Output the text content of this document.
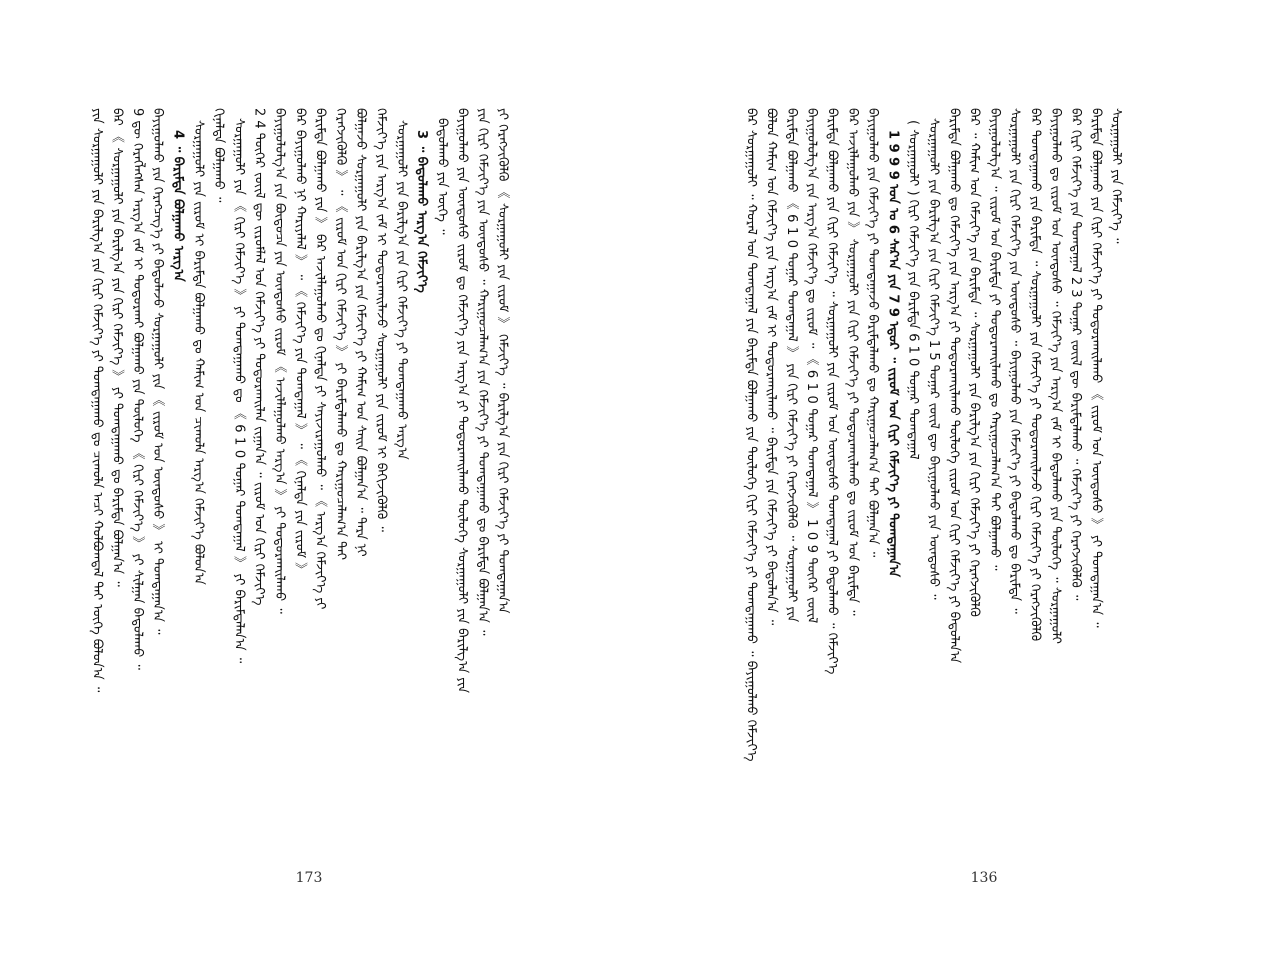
ᠶᠢᠨ ᠰᠤᠷᠭᠠᠭᠤᠯᠢ ᠶᠢᠨ ᠪᠠᠷᠢᠯᠭ᠎ᠠ ᠶᠢᠨ ᠬᠢᠷᠢ ᠬᠡᠮᠵᠢᠶ᠎ᠡ ᠶᠢ ᠲᠣᠭᠲᠠᠭᠠᠬᠤ ᠳᠤ ᠴᠢᠬᠤᠯᠠ ᠠᠴᠢ ᠬᠣᠯᠪᠣᠭᠳᠠᠯ ᠲᠠᠢ ᠦᠭᠡ ᠪᠣᠯᠤᠨ᠎ᠠ ᠃ ᠪᠠᠷ 《 ᠰᠤᠷᠭᠠᠭᠤᠯᠢ ᠶᠢᠨ ᠪᠠᠷᠢᠯᠭ᠎ᠠ ᠶᠢᠨ ᠬᠢᠷᠢ ᠬᠡᠮᠵᠢᠶ᠎ᠡ 》 ᠶᠢ ᠲᠣᠭᠲᠠᠭᠠᠬᠤ ᠳᠤ ᠪᠠᠷᠢᠮᠲᠠ ᠪᠣᠯᠭᠠᠨ᠎ᠠ ᠃ 9 ᠳᠦ ᠬᠡᠷᠡᠭᠯᠡᠭᠰᠡᠨ ᠠᠷᠭ᠎ᠠ ᠵᠠᠮ ᠢ ᠲᠣᠳᠣᠷᠬᠠᠢ ᠪᠣᠯᠭᠠᠬᠤ ᠶᠢᠨ ᠲᠥᠯᠦᠭᠡ 《 ᠬᠢᠷᠢ ᠬᠡᠮᠵᠢᠶ᠎ᠡ 》 ᠶᠢ ᠰᠢᠯᠭᠠᠨ ᠪᠠᠲᠤᠯᠠᠬᠤ ᠃ ᠪᠠᠶᠢᠭᠤᠯᠬᠤ ᠶᠢᠨ ᠬᠡᠷᠡᠭᠴᠡᠭ᠎ᠡ ᠶᠢ ᠪᠠᠲᠤᠯᠠᠵᠤ ᠰᠤᠷᠭᠠᠭᠤᠯᠢ ᠶᠢᠨ 《 ᠵᠢᠷᠤᠮ ᠤᠨ ᠦᠨᠳᠦᠰᠦ 》 ᠢ ᠲᠣᠭᠲᠠᠭᠠᠨ᠎ᠠ ᠃ 4 ᠃ ᠪᠠᠷᠢᠮᠲᠠ ᠪᠣᠯᠭᠠᠬᠤ ᠠᠷᠭ᠎ᠠ ᠰᠤᠷᠭᠠᠭᠤᠯᠢ ᠶᠢᠨ ᠵᠢᠷᠤᠮ ᠢ ᠪᠠᠷᠢᠮᠲᠠ ᠪᠣᠯᠭᠠᠬᠤ ᠳᠤ ᠬᠠᠮᠢᠭ ᠤᠨ ᠴᠢᠬᠤᠯᠠ ᠠᠷᠭ᠎ᠠ ᠬᠡᠮᠵᠢᠶ᠎ᠡ ᠪᠣᠯᠤᠨ᠎ᠠ ᠬᠢᠨᠠᠯᠲᠠ ᠪᠣᠯᠭᠠᠬᠤ ᠃ ᠰᠤᠷᠭᠠᠭᠤᠯᠢ ᠶᠢᠨ 《 ᠬᠢᠷᠢ ᠬᠡᠮᠵᠢᠶ᠎ᠡ 》 ᠶᠢ ᠲᠣᠭᠲᠠᠭᠠᠬᠤ ᠳᠤ 《 6 1 0 ᠳᠤᠭᠠᠷ ᠲᠣᠭᠲᠠᠭᠠᠯ 》 ᠶᠢ ᠪᠠᠷᠢᠮᠲᠠᠯᠠᠨ᠎ᠠ ᠃ 2 4 ᠳᠦᠭᠡᠷ ᠵᠦᠢᠯ ᠳᠦ ᠵᠢᠷᠤᠮᠯᠠᠯ ᠤᠨ ᠬᠡᠮᠵᠢᠶ᠎ᠡ ᠶᠢ ᠲᠣᠳᠣᠷᠬᠠᠢᠯᠠᠨ ᠵᠢᠭᠠᠨ᠎ᠠ ᠃ ᠵᠢᠷᠤᠮ ᠤᠨ ᠬᠢᠷᠢ ᠬᠡᠮᠵᠢᠶ᠎ᠡ ᠪᠠᠶᠢᠭᠤᠯᠤᠯᠭ᠎ᠠ ᠶᠢᠨ ᠪᠦᠲᠦᠴᠡ ᠶᠢᠨ ᠦᠨᠳᠦᠰᠦ ᠵᠢᠷᠤᠮ 《 ᠠᠵᠢᠯᠯᠠᠭᠤᠯᠬᠤ ᠠᠷᠭ᠎ᠠ 》 ᠶᠢ ᠲᠣᠳᠣᠷᠬᠠᠢᠯᠠᠬᠤ ᠃ ᠪᠠᠷ ᠪᠠᠶᠢᠭᠤᠯᠬᠤ ᠨᠢ ᠬᠠᠷᠢᠶᠠᠯᠠᠯ 》 ᠃ 《 ᠬᠡᠮᠵᠢᠶ᠎ᠡ ᠶᠢᠨ ᠲᠣᠭᠲᠠᠭᠠᠯ 》 ᠃ 《 ᠬᠢᠨᠠᠯᠲᠠ ᠶᠢᠨ ᠵᠢᠷᠤᠮ 》 ᠪᠠᠷᠢᠮᠲᠠ ᠪᠣᠯᠭᠠᠬᠤ ᠶᠢᠨ 》 ᠪᠠᠷ ᠠᠵᠢᠯᠯᠠᠭᠤᠯᠬᠤ ᠳᠤ ᠬᠢᠨᠠᠯᠲᠠ ᠶᠢ ᠰᠠᠶᠢᠵᠢᠷᠠᠭᠤᠯᠬᠤ ᠃ 《 ᠠᠷᠭ᠎ᠠ ᠬᠡᠮᠵᠢᠶ᠎ᠡ ᠶᠢ ᠬᠡᠷᠡᠭᠵᠢᠭᠦᠯᠬᠦ 》 ᠃ 《 ᠵᠢᠷᠤᠮ ᠤᠨ ᠬᠢᠷᠢ ᠬᠡᠮᠵᠢᠶ᠎ᠡ 》 ᠶᠢ ᠪᠠᠷᠢᠮᠲᠠᠯᠠᠬᠤ ᠳᠤ ᠬᠠᠷᠢᠭᠤᠴᠠᠯᠠᠭ᠎ᠠ ᠲᠠᠢ ᠪᠣᠯᠭᠠᠵᠤ ᠰᠤᠷᠭᠠᠭᠤᠯᠢ ᠶᠢᠨ ᠪᠠᠷᠢᠯᠭ᠎ᠠ ᠶᠢᠨ ᠬᠡᠮᠵᠢᠶ᠎ᠡ ᠶᠢ ᠬᠠᠮᠢᠭ ᠤᠨ ᠰᠠᠢᠨ ᠪᠣᠯᠭᠠᠨ᠎ᠠ ᠃ ᠲᠡᠷᠡ ᠨᠢ ᠬᠡᠮᠵᠢᠶ᠎ᠡ ᠶᠢᠨ ᠠᠷᠭ᠎ᠠ ᠵᠠᠮ ᠢ ᠲᠣᠳᠣᠷᠬᠠᠢᠯᠠᠵᠤ ᠰᠤᠷᠭᠠᠭᠤᠯᠢ ᠶᠢᠨ ᠵᠢᠷᠤᠮ ᠢ ᠪᠡᠬᠢᠵᠢᠭᠦᠯᠬᠦ ᠃ ᠰᠤᠷᠭᠠᠭᠤᠯᠢ ᠶᠢᠨ ᠪᠠᠷᠢᠯᠭ᠎ᠠ ᠶᠢᠨ ᠬᠢᠷᠢ ᠬᠡᠮᠵᠢᠶ᠎ᠡ ᠶᠢ ᠲᠣᠭᠲᠠᠭᠠᠬᠤ ᠠᠷᠭ᠎ᠠ 3 ᠃ ᠪᠠᠲᠤᠯᠠᠬᠤ ᠠᠷᠭ᠎ᠠ ᠬᠡᠮᠵᠢᠶ᠎ᠡ ᠪᠠᠲᠤᠯᠠᠬᠤ ᠶᠢᠨ ᠦᠭᠡ ᠃ ᠪᠠᠶᠢᠭᠤᠯᠬᠤ ᠶᠢᠨ ᠦᠨᠳᠦᠰᠦ ᠵᠢᠷᠤᠮ ᠳᠤ ᠬᠡᠮᠵᠢᠶ᠎ᠡ ᠶᠢᠨ ᠠᠷᠭ᠎ᠠ ᠶᠢ ᠲᠣᠳᠣᠷᠬᠠᠢᠯᠠᠬᠤ ᠲᠥᠯᠦᠭᠡ ᠰᠤᠷᠭᠠᠭᠤᠯᠢ ᠶᠢᠨ ᠪᠠᠷᠢᠯᠭ᠎ᠠ ᠶᠢᠨ ᠶᠢᠨ ᠬᠢᠷᠢ ᠬᠡᠮᠵᠢᠶ᠎ᠡ ᠶᠢᠨ ᠦᠨᠳᠦᠰᠦ ᠃ ᠬᠠᠷᠢᠭᠤᠴᠠᠯᠠᠭ᠎ᠠ ᠶᠢᠨ ᠬᠡᠮᠵᠢᠶ᠎ᠡ ᠶᠢ ᠲᠣᠭᠲᠠᠭᠠᠬᠤ ᠳᠤ ᠪᠠᠷᠢᠮᠲᠠ ᠪᠣᠯᠭᠠᠨ᠎ᠠ ᠃ ᠶᠢ ᠬᠡᠷᠡᠭᠵᠢᠭᠦᠯᠬᠦ 《 ᠰᠤᠷᠭᠠᠭᠤᠯᠢ ᠶᠢᠨ ᠵᠢᠷᠤᠮ 》 ᠬᠡᠮᠵᠢᠶ᠎ᠡ ᠃ ᠪᠠᠷᠢᠯᠭ᠎ᠠ ᠶᠢᠨ ᠬᠢᠷᠢ ᠬᠡᠮᠵᠢᠶ᠎ᠡ ᠶᠢ ᠲᠣᠭᠲᠠᠭᠠᠨ᠎ᠠ
173
ᠪᠠᠷ ᠰᠤᠷᠭᠠᠭᠤᠯᠢ ᠃ ᠬᠤᠷᠠᠯ ᠤᠨ ᠲᠣᠭᠲᠠᠭᠠᠯ ᠶᠢᠨ ᠪᠠᠷᠢᠮᠲᠠ ᠪᠣᠯᠭᠠᠬᠤ ᠶᠢᠨ ᠲᠥᠯᠦᠭᠡ ᠬᠢᠷᠢ ᠬᠡᠮᠵᠢᠶ᠎ᠡ ᠶᠢ ᠲᠣᠭᠲᠠᠭᠠᠬᠤ ᠃ ᠪᠠᠶᠢᠭᠤᠯᠬᠤ ᠬᠡᠮᠵᠢᠶ᠎ᠡ ᠪᠣᠯᠤᠨ ᠬᠠᠮᠢᠭ ᠤᠨ ᠬᠡᠮᠵᠢᠶ᠎ᠡ ᠶᠢᠨ ᠠᠷᠭ᠎ᠠ ᠵᠠᠮ ᠢ ᠲᠣᠳᠣᠷᠬᠠᠢᠯᠠᠬᠤ ᠃ ᠪᠠᠷᠢᠮᠲᠠ ᠶᠢᠨ ᠬᠡᠮᠵᠢᠶ᠎ᠡ ᠶᠢ ᠪᠠᠲᠤᠯᠠᠨ᠎ᠠ ᠃ ᠪᠠᠷᠢᠮᠲᠠ ᠪᠣᠯᠭᠠᠬᠤ 《 6 1 0 ᠳᠤᠭᠠᠷ ᠲᠣᠭᠲᠠᠭᠠᠯ 》 ᠶᠢᠨ ᠬᠢᠷᠢ ᠬᠡᠮᠵᠢᠶ᠎ᠡ ᠶᠢ ᠬᠡᠷᠡᠭᠵᠢᠭᠦᠯᠬᠦ ᠃ ᠰᠤᠷᠭᠠᠭᠤᠯᠢ ᠶᠢᠨ ᠪᠠᠶᠢᠭᠤᠯᠤᠯᠭ᠎ᠠ ᠶᠢᠨ ᠠᠷᠭ᠎ᠠ ᠬᠡᠮᠵᠢᠶ᠎ᠡ ᠳᠤ ᠵᠢᠷᠤᠮ ᠃ 《 6 1 0 ᠳᠤᠭᠠᠷ ᠲᠣᠭᠲᠠᠭᠠᠯ 》 1 0 9 ᠳᠦᠭᠡᠷ ᠵᠦᠢᠯ ᠪᠠᠷᠢᠮᠲᠠ ᠪᠣᠯᠭᠠᠬᠤ ᠶᠢᠨ ᠬᠢᠷᠢ ᠬᠡᠮᠵᠢᠶ᠎ᠡ ᠃ ᠰᠤᠷᠭᠠᠭᠤᠯᠢ ᠶᠢᠨ ᠵᠢᠷᠤᠮ ᠤᠨ ᠦᠨᠳᠦᠰᠦ ᠲᠣᠭᠲᠠᠭᠠᠯ ᠶᠢ ᠪᠠᠲᠤᠯᠠᠬᠤ ᠃ ᠬᠡᠮᠵᠢᠶ᠎ᠡ ᠪᠠᠷ ᠠᠵᠢᠯᠯᠠᠭᠤᠯᠬᠤ ᠶᠢᠨ 》 ᠰᠤᠷᠭᠠᠭᠤᠯᠢ ᠶᠢᠨ ᠬᠢᠷᠢ ᠬᠡᠮᠵᠢᠶ᠎ᠡ ᠶᠢ ᠲᠣᠳᠣᠷᠬᠠᠢᠯᠠᠬᠤ ᠳᠤ ᠵᠢᠷᠤᠮ ᠤᠨ ᠪᠠᠷᠢᠮᠲᠠ ᠃ ᠪᠠᠶᠢᠭᠤᠯᠬᠤ ᠶᠢᠨ ᠬᠡᠮᠵᠢᠶ᠎ᠡ ᠶᠢ ᠲᠣᠭᠲᠠᠭᠠᠵᠤ ᠪᠠᠷᠢᠮᠲᠠᠯᠠᠬᠤ ᠳᠤ ᠬᠠᠷᠢᠭᠤᠴᠠᠯᠠᠭ᠎ᠠ ᠲᠠᠢ ᠪᠣᠯᠭᠠᠨ᠎ᠠ ᠃ 1 9 9 9 ᠣᠨ ᠤ 6 ᠰᠠᠷ᠎ᠠ ᠶᠢᠨ 7 9 ᠡᠳᠦᠷ ᠃ ᠵᠢᠷᠤᠮ ᠤᠨ ᠬᠢᠷᠢ ᠬᠡᠮᠵᠢᠶ᠎ᠡ ᠶᠢ ᠲᠣᠭᠲᠠᠭᠠᠨ᠎ᠠ ( ᠰᠤᠷᠭᠠᠭᠤᠯᠢ ) ᠬᠢᠷᠢ ᠬᠡᠮᠵᠢᠶ᠎ᠡ ᠶᠢᠨ ᠪᠠᠷᠢᠮᠲᠠ 6 1 0 ᠳᠤᠭᠠᠷ ᠲᠣᠭᠲᠠᠭᠠᠯ ᠰᠤᠷᠭᠠᠭᠤᠯᠢ ᠶᠢᠨ ᠪᠠᠷᠢᠯᠭ᠎ᠠ ᠶᠢᠨ ᠬᠢᠷᠢ ᠬᠡᠮᠵᠢᠶ᠎ᠡ 1 5 ᠳᠤᠭᠠᠷ ᠵᠦᠢᠯ ᠳᠦ ᠪᠠᠶᠢᠭᠤᠯᠬᠤ ᠶᠢᠨ ᠦᠨᠳᠦᠰᠦ ᠃ ᠪᠠᠷᠢᠮᠲᠠ ᠪᠣᠯᠭᠠᠬᠤ ᠳᠤ ᠬᠡᠮᠵᠢᠶ᠎ᠡ ᠶᠢᠨ ᠠᠷᠭ᠎ᠠ ᠶᠢ ᠲᠣᠳᠣᠷᠬᠠᠢᠯᠠᠬᠤ ᠲᠥᠯᠦᠭᠡ ᠵᠢᠷᠤᠮ ᠤᠨ ᠬᠢᠷᠢ ᠬᠡᠮᠵᠢᠶ᠎ᠡ ᠶᠢ ᠪᠠᠲᠤᠯᠠᠨ᠎ᠠ ᠪᠠᠷ ᠃ ᠬᠠᠮᠢᠭ ᠤᠨ ᠬᠡᠮᠵᠢᠶ᠎ᠡ ᠶᠢᠨ ᠪᠠᠷᠢᠮᠲᠠ ᠃ ᠰᠤᠷᠭᠠᠭᠤᠯᠢ ᠶᠢᠨ ᠪᠠᠷᠢᠯᠭ᠎ᠠ ᠶᠢᠨ ᠬᠢᠷᠢ ᠬᠡᠮᠵᠢᠶ᠎ᠡ ᠶᠢ ᠬᠡᠷᠡᠭᠵᠢᠭᠦᠯᠬᠦ ᠪᠠᠶᠢᠭᠤᠯᠤᠯᠭ᠎ᠠ ᠃ ᠵᠢᠷᠤᠮ ᠤᠨ ᠪᠠᠷᠢᠮᠲᠠ ᠶᠢ ᠲᠣᠳᠣᠷᠬᠠᠢᠯᠠᠬᠤ ᠳᠤ ᠬᠠᠷᠢᠭᠤᠴᠠᠯᠠᠭ᠎ᠠ ᠲᠠᠢ ᠪᠣᠯᠭᠠᠬᠤ ᠃ ᠰᠤᠷᠭᠠᠭᠤᠯᠢ ᠶᠢᠨ ᠬᠢᠷᠢ ᠬᠡᠮᠵᠢᠶ᠎ᠡ ᠶᠢᠨ ᠦᠨᠳᠦᠰᠦ ᠃ ᠪᠠᠶᠢᠭᠤᠯᠬᠤ ᠶᠢᠨ ᠬᠡᠮᠵᠢᠶ᠎ᠡ ᠶᠢ ᠪᠠᠲᠤᠯᠠᠬᠤ ᠳᠤ ᠪᠠᠷᠢᠮᠲᠠ ᠃ ᠪᠠᠷ ᠲᠣᠭᠲᠠᠭᠠᠬᠤ ᠶᠢᠨ ᠪᠠᠷᠢᠮᠲᠠ ᠃ ᠰᠤᠷᠭᠠᠭᠤᠯᠢ ᠶᠢᠨ ᠬᠡᠮᠵᠢᠶ᠎ᠡ ᠶᠢ ᠲᠣᠳᠣᠷᠬᠠᠢᠯᠠᠵᠤ ᠬᠢᠷᠢ ᠬᠡᠮᠵᠢᠶ᠎ᠡ ᠶᠢ ᠬᠡᠷᠡᠭᠵᠢᠭᠦᠯᠬᠦ ᠪᠠᠶᠢᠭᠤᠯᠬᠤ ᠳᠤ ᠵᠢᠷᠤᠮ ᠤᠨ ᠦᠨᠳᠦᠰᠦ ᠃ ᠬᠡᠮᠵᠢᠶ᠎ᠡ ᠶᠢᠨ ᠠᠷᠭ᠎ᠠ ᠵᠠᠮ ᠢ ᠪᠠᠲᠤᠯᠠᠬᠤ ᠶᠢᠨ ᠲᠥᠯᠦᠭᠡ ᠃ ᠰᠤᠷᠭᠠᠭᠤᠯᠢ ᠪᠠᠷ ᠬᠢᠷᠢ ᠬᠡᠮᠵᠢᠶ᠎ᠡ ᠶᠢᠨ ᠲᠣᠭᠲᠠᠭᠠᠯ 2 3 ᠳᠤᠭᠠᠷ ᠵᠦᠢᠯ ᠳᠦ ᠪᠠᠷᠢᠮᠲᠠᠯᠠᠬᠤ ᠃ ᠬᠡᠮᠵᠢᠶ᠎ᠡ ᠶᠢ ᠬᠡᠷᠡᠭᠵᠢᠭᠦᠯᠬᠦ ᠃ ᠪᠠᠷᠢᠮᠲᠠ ᠪᠣᠯᠭᠠᠬᠤ ᠶᠢᠨ ᠬᠢᠷᠢ ᠬᠡᠮᠵᠢᠶ᠎ᠡ ᠶᠢ ᠲᠣᠳᠣᠷᠬᠠᠢᠯᠠᠬᠤ 《 ᠵᠢᠷᠤᠮ ᠤᠨ ᠦᠨᠳᠦᠰᠦ 》 ᠶᠢ ᠲᠣᠭᠲᠠᠭᠠᠨ᠎ᠠ ᠃ ᠰᠤᠷᠭᠠᠭᠤᠯᠢ ᠶᠢᠨ ᠬᠡᠮᠵᠢᠶ᠎ᠡ ᠃
136
